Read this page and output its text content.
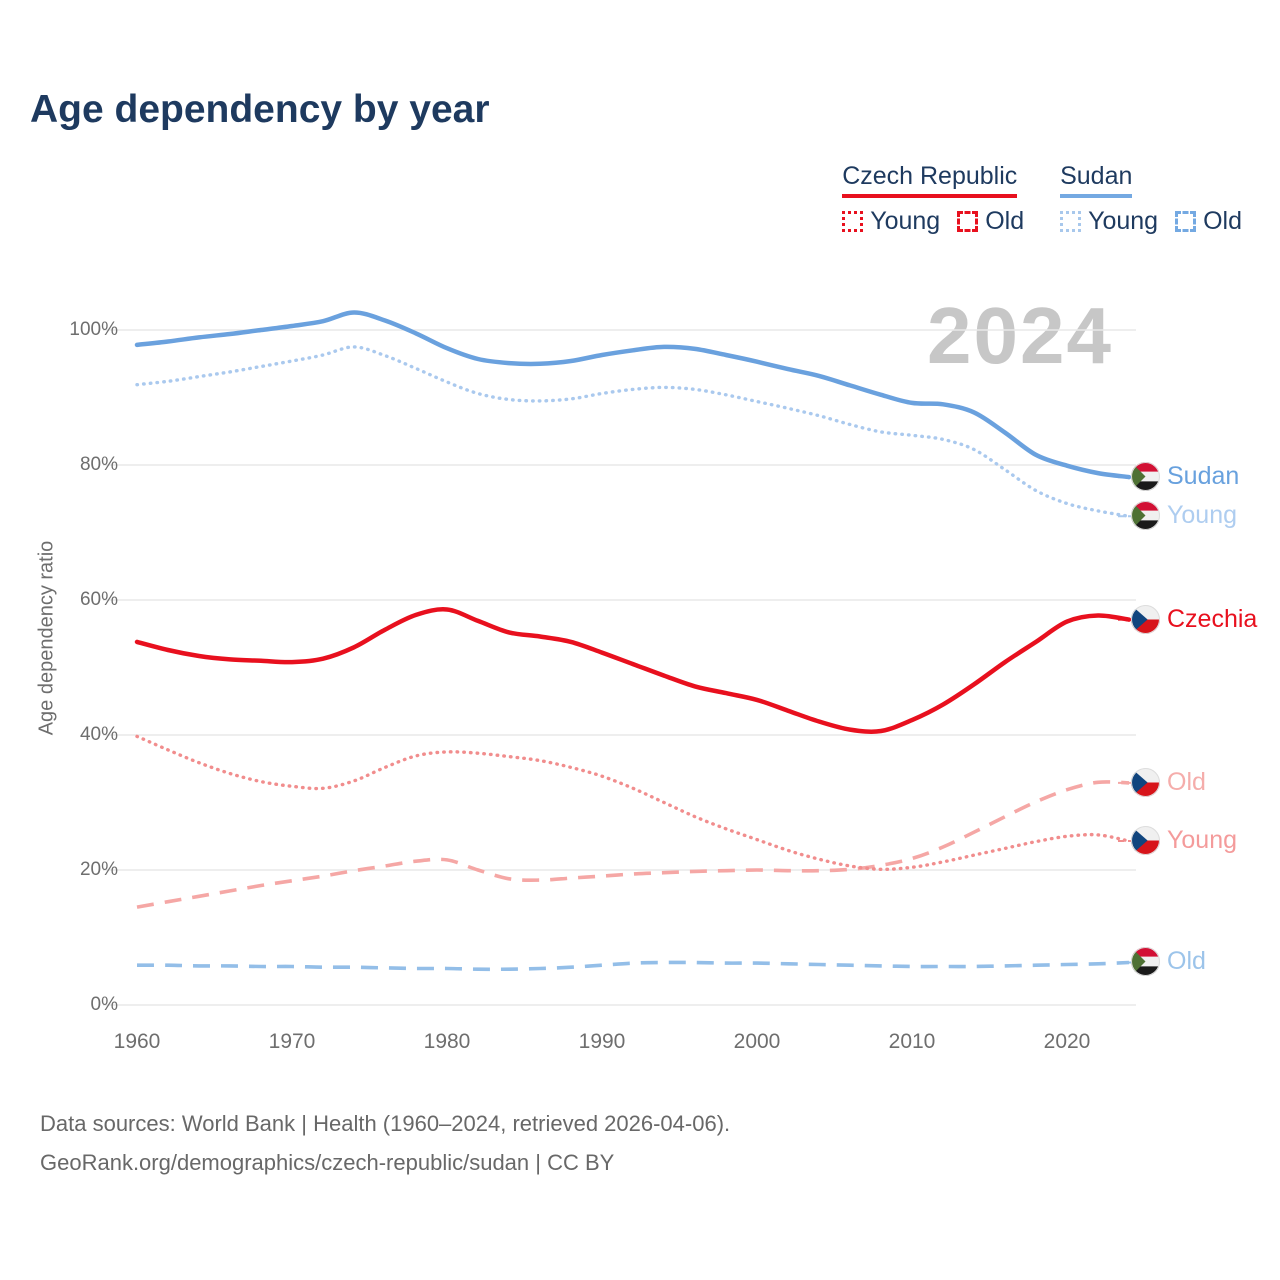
Age dependency by year
Czech Republic
Young Old
Sudan
Young Old
2024
Age dependency ratio
Sudan
Young
Czechia
Old
Young
Old
0%
20%
40%
60%
80%
100%
1960	1970	1980	1990	2000	2010	2020
Data sources: World Bank | Health (1960–2024, retrieved 2026-04-06).
GeoRank.org/demographics/czech-republic/sudan | CC BY
